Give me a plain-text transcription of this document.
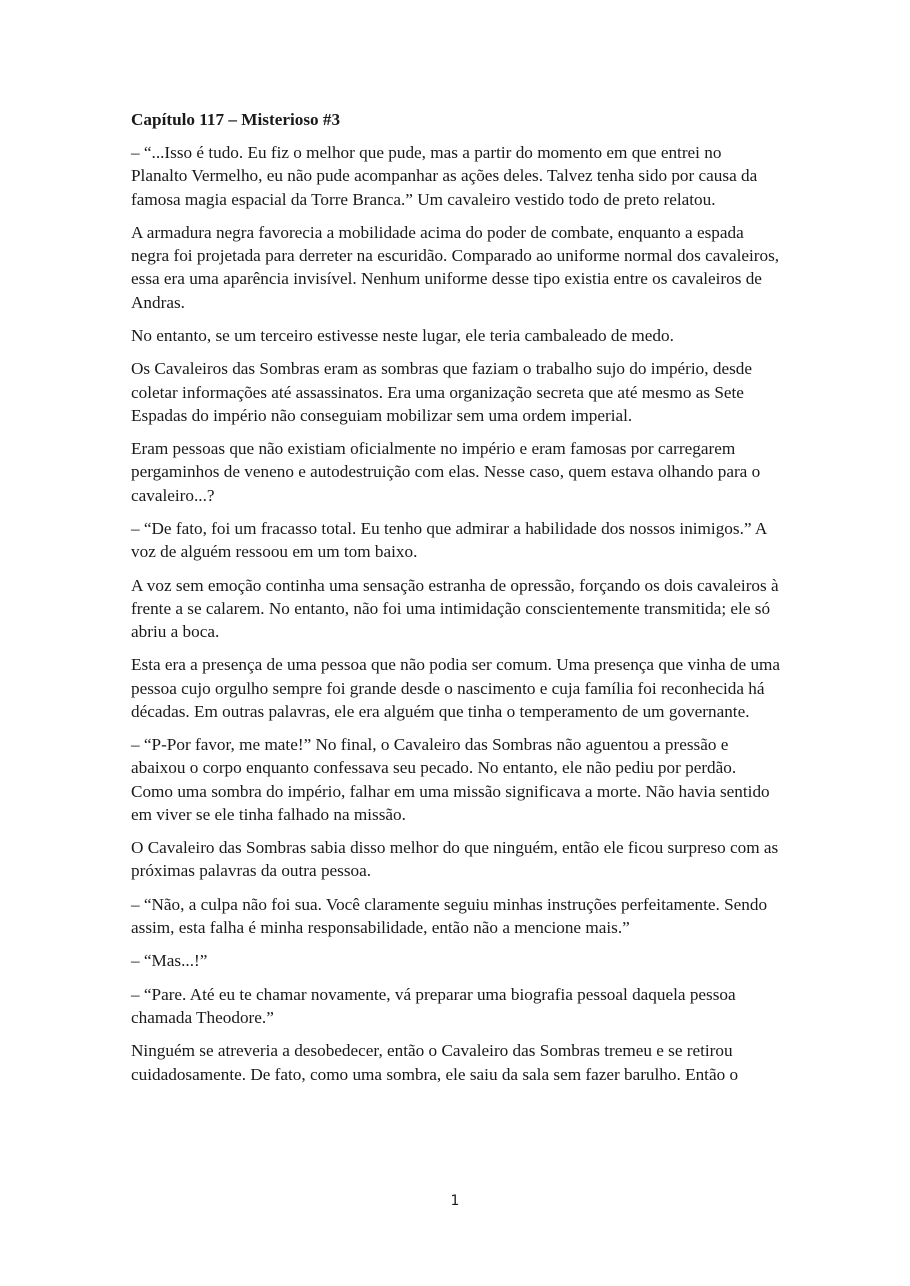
Capítulo 117 – Misterioso #3

– “...Isso é tudo. Eu fiz o melhor que pude, mas a partir do momento em que entrei no Planalto Vermelho, eu não pude acompanhar as ações deles. Talvez tenha sido por causa da famosa magia espacial da Torre Branca.” Um cavaleiro vestido todo de preto relatou.

A armadura negra favorecia a mobilidade acima do poder de combate, enquanto a espada negra foi projetada para derreter na escuridão. Comparado ao uniforme normal dos cavaleiros, essa era uma aparência invisível. Nenhum uniforme desse tipo existia entre os cavaleiros de Andras.

No entanto, se um terceiro estivesse neste lugar, ele teria cambaleado de medo.

Os Cavaleiros das Sombras eram as sombras que faziam o trabalho sujo do império, desde coletar informações até assassinatos. Era uma organização secreta que até mesmo as Sete Espadas do império não conseguiam mobilizar sem uma ordem imperial.

Eram pessoas que não existiam oficialmente no império e eram famosas por carregarem pergaminhos de veneno e autodestruição com elas. Nesse caso, quem estava olhando para o cavaleiro...?

– “De fato, foi um fracasso total. Eu tenho que admirar a habilidade dos nossos inimigos.” A voz de alguém ressoou em um tom baixo.

A voz sem emoção continha uma sensação estranha de opressão, forçando os dois cavaleiros à frente a se calarem. No entanto, não foi uma intimidação conscientemente transmitida; ele só abriu a boca.

Esta era a presença de uma pessoa que não podia ser comum. Uma presença que vinha de uma pessoa cujo orgulho sempre foi grande desde o nascimento e cuja família foi reconhecida há décadas. Em outras palavras, ele era alguém que tinha o temperamento de um governante.

– “P-Por favor, me mate!” No final, o Cavaleiro das Sombras não aguentou a pressão e abaixou o corpo enquanto confessava seu pecado. No entanto, ele não pediu por perdão. Como uma sombra do império, falhar em uma missão significava a morte. Não havia sentido em viver se ele tinha falhado na missão.

O Cavaleiro das Sombras sabia disso melhor do que ninguém, então ele ficou surpreso com as próximas palavras da outra pessoa.

– “Não, a culpa não foi sua. Você claramente seguiu minhas instruções perfeitamente. Sendo assim, esta falha é minha responsabilidade, então não a mencione mais.”

– “Mas...!”

– “Pare. Até eu te chamar novamente, vá preparar uma biografia pessoal daquela pessoa chamada Theodore.”

Ninguém se atreveria a desobedecer, então o Cavaleiro das Sombras tremeu e se retirou cuidadosamente. De fato, como uma sombra, ele saiu da sala sem fazer barulho. Então o

1
